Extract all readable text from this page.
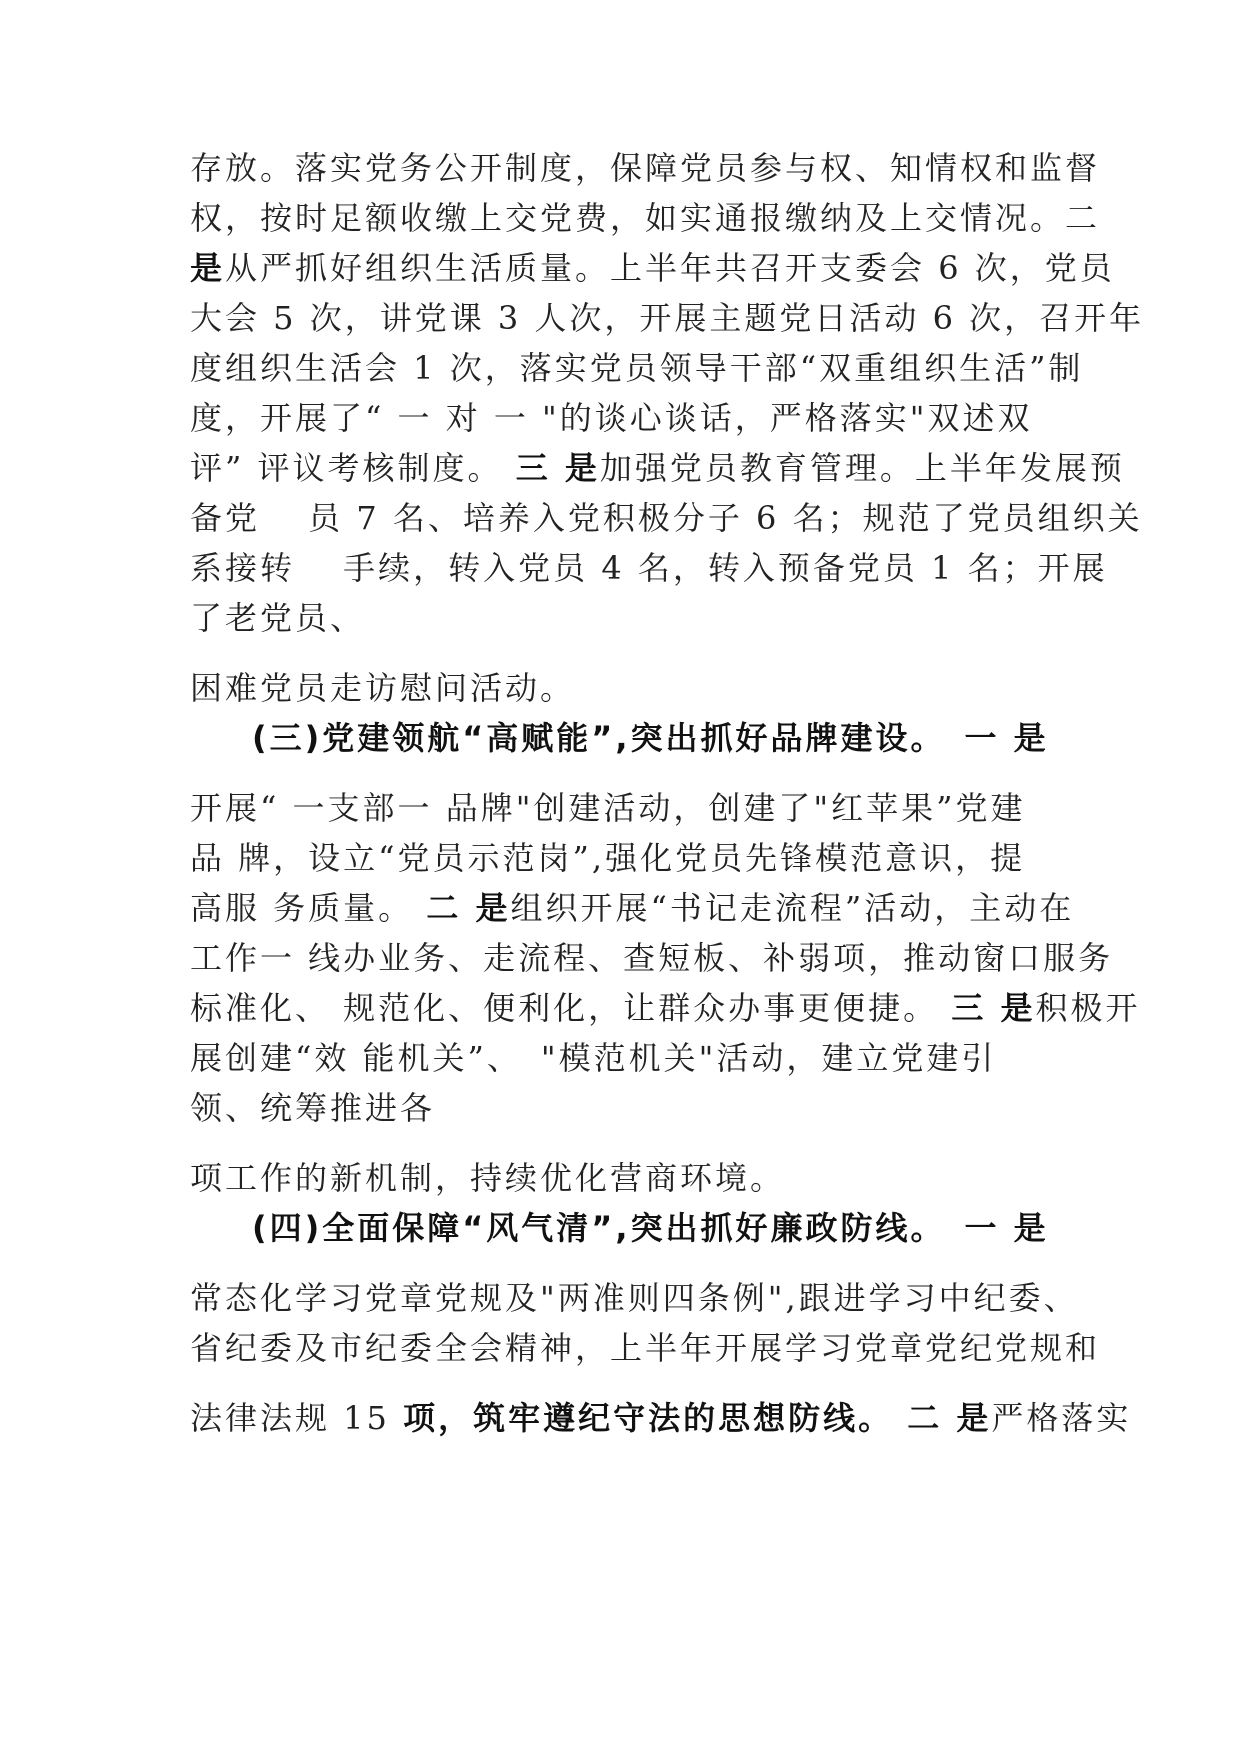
存放。落实党务公开制度，保障党员参与权、知情权和监督

权，按时足额收缴上交党费，如实通报缴纳及上交情况。二

是从严抓好组织生活质量。上半年共召开支委会 6 次，党员

大会 5 次，讲党课 3 人次，开展主题党日活动 6 次，召开年

度组织生活会 1 次，落实党员领导干部“双重组织生活”制

度，开展了“ 一 对 一 "的谈心谈话，严格落实"双述双

评” 评议考核制度。 三 是加强党员教育管理。上半年发展预

备党　 员 7 名、培养入党积极分子 6 名；规范了党员组织关

系接转　 手续，转入党员 4 名，转入预备党员 1 名；开展

了老党员、

困难党员走访慰问活动。

(三)党建领航“高赋能”,突出抓好品牌建设。　一 是

开展“ 一支部一 品牌"创建活动，创建了"红苹果”党建

品 牌，设立“党员示范岗”,强化党员先锋模范意识，提

高服 务质量。 二 是组织开展“书记走流程”活动，主动在

工作一 线办业务、走流程、查短板、补弱项，推动窗口服务

标准化、 规范化、便利化，让群众办事更便捷。 三 是积极开

展创建“效 能机关”、　"模范机关"活动，建立党建引

领、统筹推进各

项工作的新机制，持续优化营商环境。

(四)全面保障“风气清”,突出抓好廉政防线。　一 是

常态化学习党章党规及"两准则四条例",跟进学习中纪委、

省纪委及市纪委全会精神，上半年开展学习党章党纪党规和

法律法规 15 项，筑牢遵纪守法的思想防线。 二 是严格落实
